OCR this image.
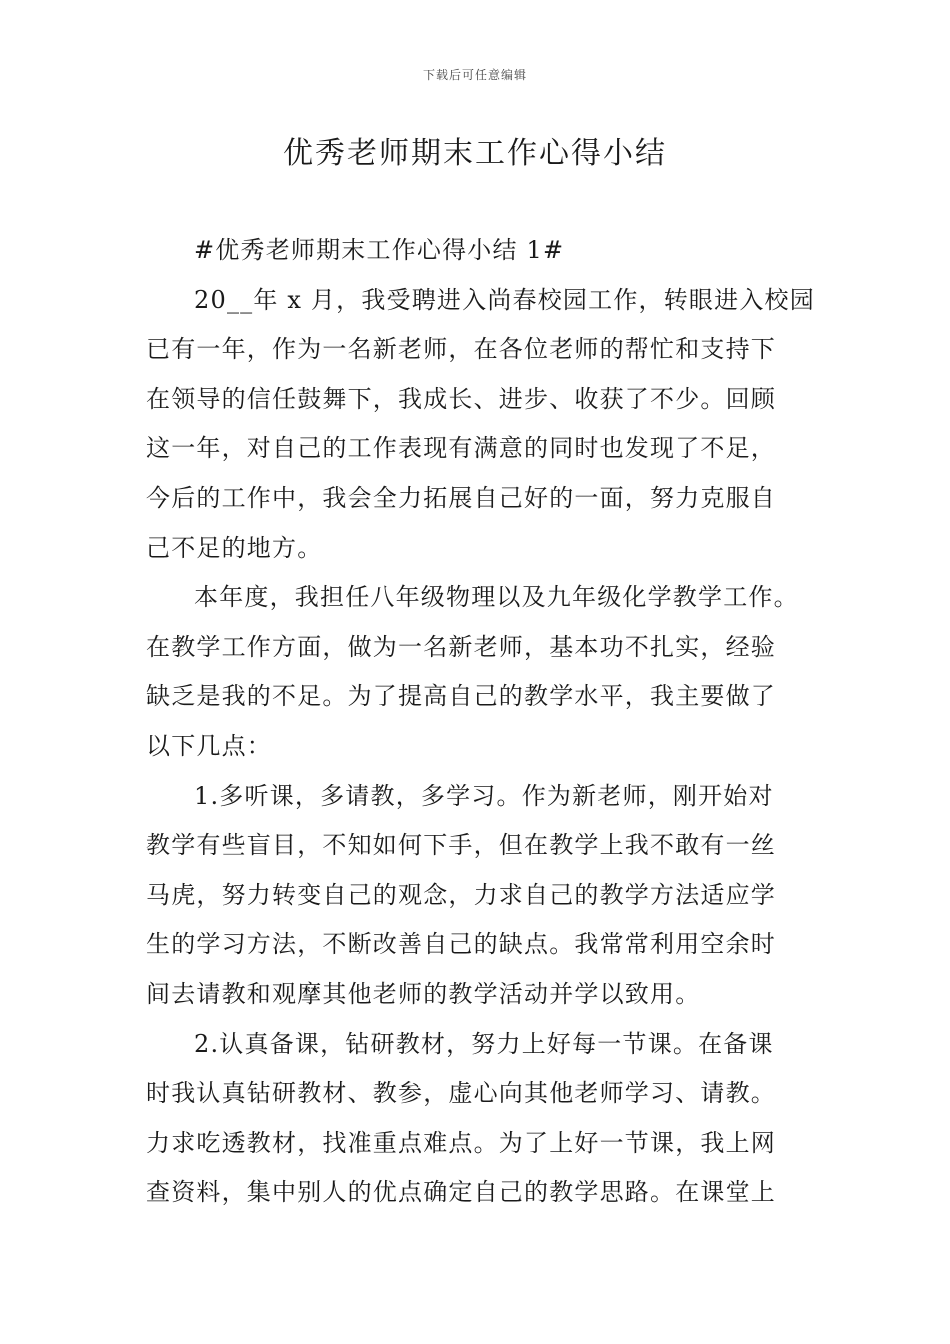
下载后可任意编辑
优秀老师期末工作心得小结
#优秀老师期末工作心得小结 1#
20__年 x 月，我受聘进入尚春校园工作，转眼进入校园
已有一年，作为一名新老师，在各位老师的帮忙和支持下
在领导的信任鼓舞下，我成长、进步、收获了不少。回顾
这一年，对自己的工作表现有满意的同时也发现了不足，
今后的工作中，我会全力拓展自己好的一面，努力克服自
己不足的地方。
本年度，我担任八年级物理以及九年级化学教学工作。
在教学工作方面，做为一名新老师，基本功不扎实，经验
缺乏是我的不足。为了提高自己的教学水平，我主要做了
以下几点：
1.多听课，多请教，多学习。作为新老师，刚开始对
教学有些盲目，不知如何下手，但在教学上我不敢有一丝
马虎，努力转变自己的观念，力求自己的教学方法适应学
生的学习方法，不断改善自己的缺点。我常常利用空余时
间去请教和观摩其他老师的教学活动并学以致用。
2.认真备课，钻研教材，努力上好每一节课。在备课
时我认真钻研教材、教参，虚心向其他老师学习、请教。
力求吃透教材，找准重点难点。为了上好一节课，我上网
查资料，集中别人的优点确定自己的教学思路。在课堂上
